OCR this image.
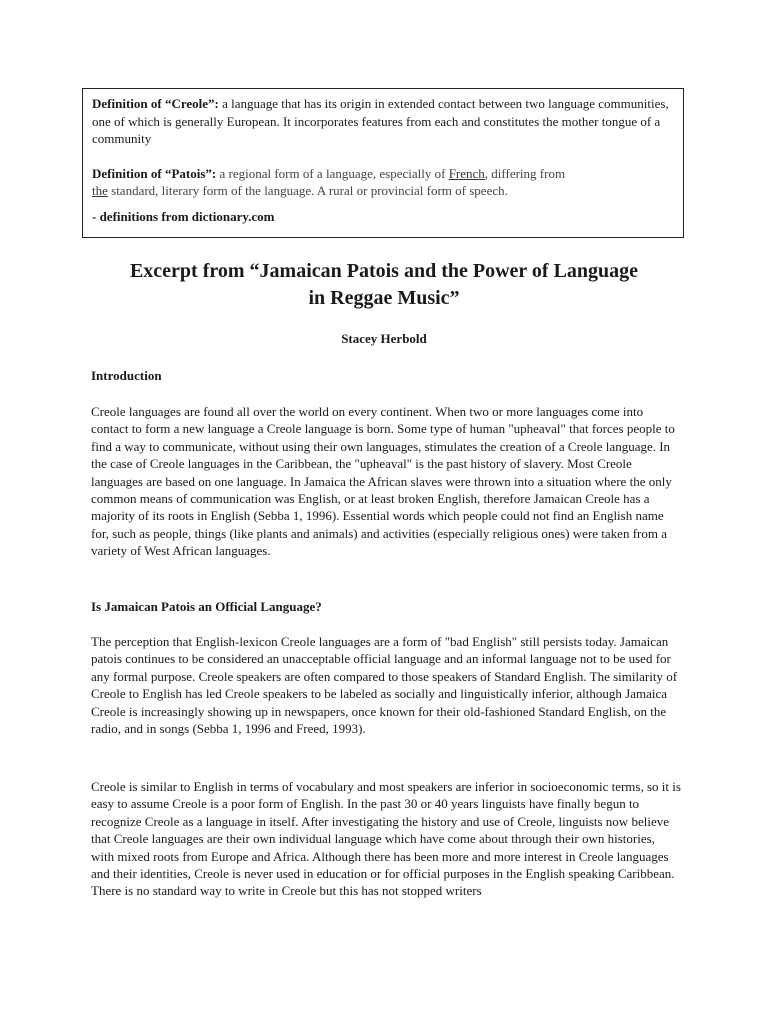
Definition of “Creole”: a language that has its origin in extended contact between two language communities, one of which is generally European. It incorporates features from each and constitutes the mother tongue of a community

Definition of “Patois”: a regional form of a language, especially of French, differing from
the standard, literary form of the language. A rural or provincial form of speech.

- definitions from dictionary.com

Excerpt from “Jamaican Patois and the Power of Language
in Reggae Music”

Stacey Herbold

Introduction

Creole languages are found all over the world on every continent. When two or more languages come into contact to form a new language a Creole language is born. Some type of human "upheaval" that forces people to find a way to communicate, without using their own languages, stimulates the creation of a Creole language. In the case of Creole languages in the Caribbean, the "upheaval" is the past history of slavery. Most Creole languages are based on one language. In Jamaica the African slaves were thrown into a situation where the only common means of communication was English, or at least broken English, therefore Jamaican Creole has a majority of its roots in English (Sebba 1, 1996). Essential words which people could not find an English name for, such as people, things (like plants and animals) and activities (especially religious ones) were taken from a variety of West African languages.

Is Jamaican Patois an Official Language?

The perception that English-lexicon Creole languages are a form of "bad English" still persists today. Jamaican patois continues to be considered an unacceptable official language and an informal language not to be used for any formal purpose. Creole speakers are often compared to those speakers of Standard English. The similarity of Creole to English has led Creole speakers to be labeled as socially and linguistically inferior, although Jamaica Creole is increasingly showing up in newspapers, once known for their old-fashioned Standard English, on the radio, and in songs (Sebba 1, 1996 and Freed, 1993).

Creole is similar to English in terms of vocabulary and most speakers are inferior in socioeconomic terms, so it is easy to assume Creole is a poor form of English. In the past 30 or 40 years linguists have finally begun to recognize Creole as a language in itself. After investigating the history and use of Creole, linguists now believe that Creole languages are their own individual language which have come about through their own histories, with mixed roots from Europe and Africa. Although there has been more and more interest in Creole languages and their identities, Creole is never used in education or for official purposes in the English speaking Caribbean. There is no standard way to write in Creole but this has not stopped writers
